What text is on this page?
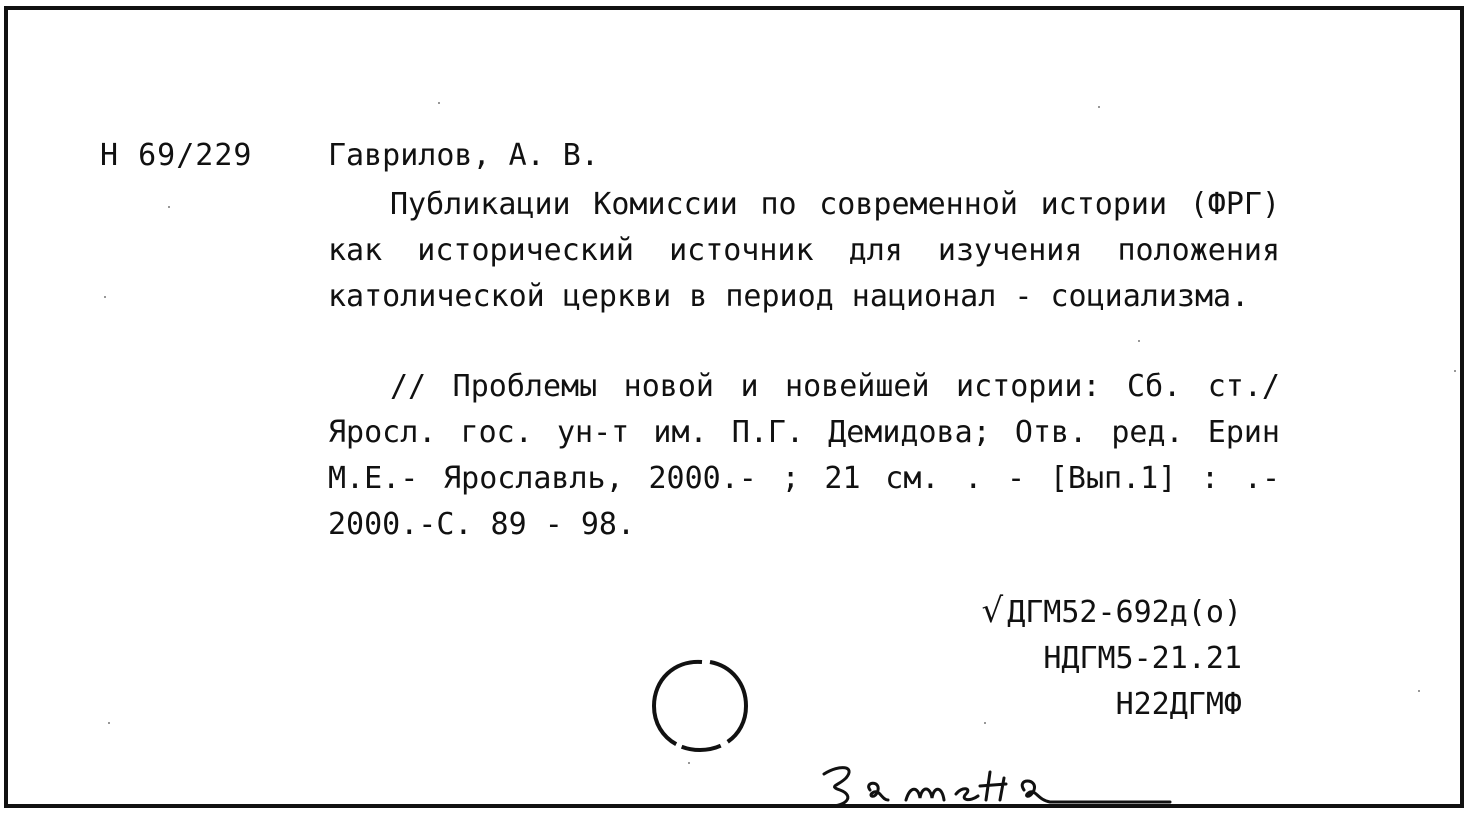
Н 69/229	Гаврилов, А. В.
Публикации Комиссии по современной истории (ФРГ) как исторический источник для изучения положения католической церкви в период национал - социализма.
// Проблемы новой и новейшей истории: Сб. ст./ Яросл. гос. ун-т им. П.Г. Демидова; Отв. ред. Ерин М.Е.- Ярославль, 2000.- ; 21 см. . - [Вып.1] : .- 2000.-С. 89 - 98.
√ ДГМ52-692д(о)
НДГМ5-21.21
Н22ДГМФ
